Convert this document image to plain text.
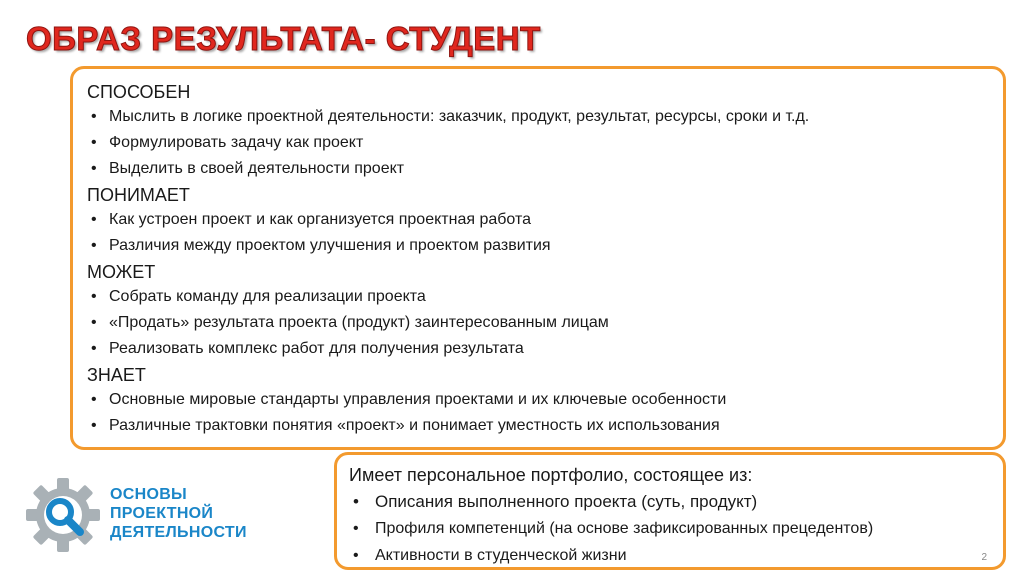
ОБРАЗ РЕЗУЛЬТАТА- СТУДЕНТ
СПОСОБЕН
• Мыслить в логике проектной деятельности: заказчик, продукт, результат, ресурсы, сроки и т.д.
• Формулировать задачу как проект
• Выделить в своей деятельности проект
ПОНИМАЕТ
• Как устроен проект и как организуется проектная работа
• Различия между проектом улучшения и проектом развития
МОЖЕТ
• Собрать команду для реализации проекта
• «Продать» результата проекта (продукт) заинтересованным лицам
• Реализовать комплекс работ для получения результата
ЗНАЕТ
• Основные мировые стандарты управления проектами и их ключевые особенности
• Различные трактовки понятия «проект» и понимает уместность их использования
Имеет персональное портфолио, состоящее из:
• Описания выполненного проекта (суть, продукт)
• Профиля компетенций (на основе зафиксированных прецедентов)
• Активности в студенческой жизни	2
ОСНОВЫ
ПРОЕКТНОЙ
ДЕЯТЕЛЬНОСТИ
